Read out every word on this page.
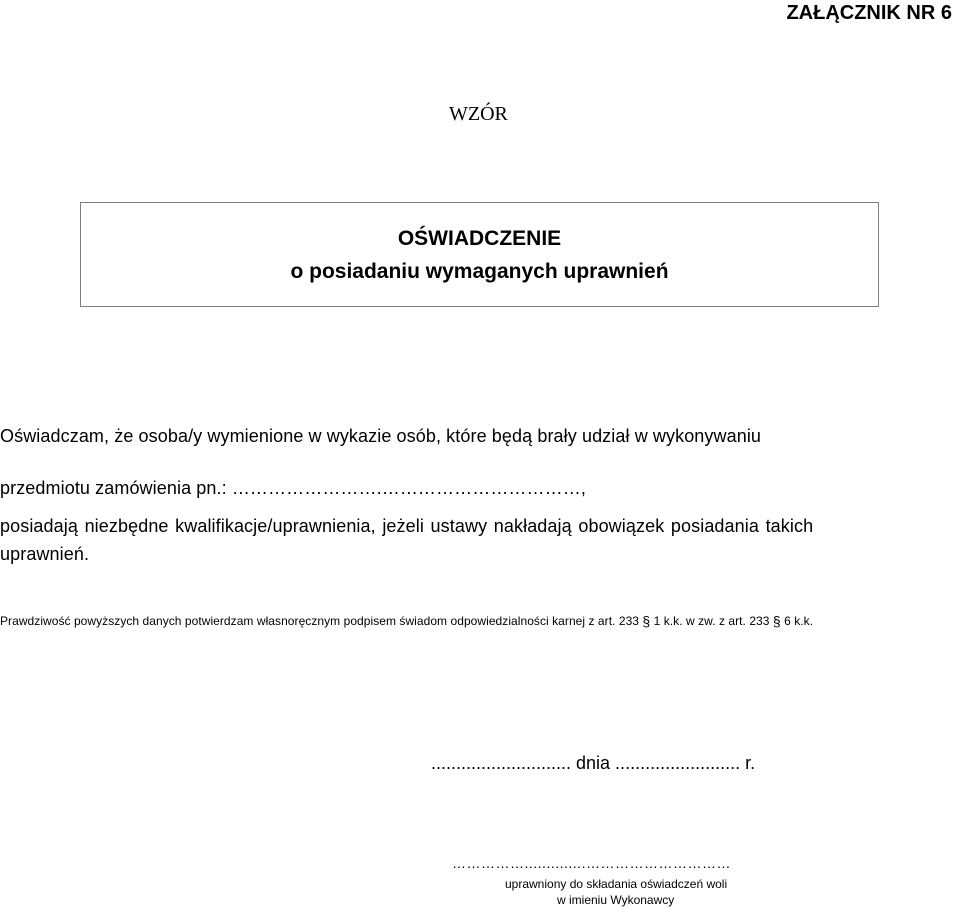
ZAŁĄCZNIK NR 6
WZÓR
OŚWIADCZENIE
o posiadaniu wymaganych uprawnień
Oświadczam, że osoba/y wymienione w wykazie osób, które będą brały udział w wykonywaniu
przedmiotu zamówienia pn.: …………………….……………………………,
posiadają niezbędne kwalifikacje/uprawnienia, jeżeli ustawy nakładają obowiązek posiadania takich
uprawnień.
Prawdziwość powyższych danych potwierdzam własnoręcznym podpisem świadom odpowiedzialności karnej z art. 233 § 1 k.k. w zw. z art. 233 § 6 k.k.
............................ dnia ......................... r.
……………..............…………………………
uprawniony do składania oświadczeń woli
w imieniu Wykonawcy
